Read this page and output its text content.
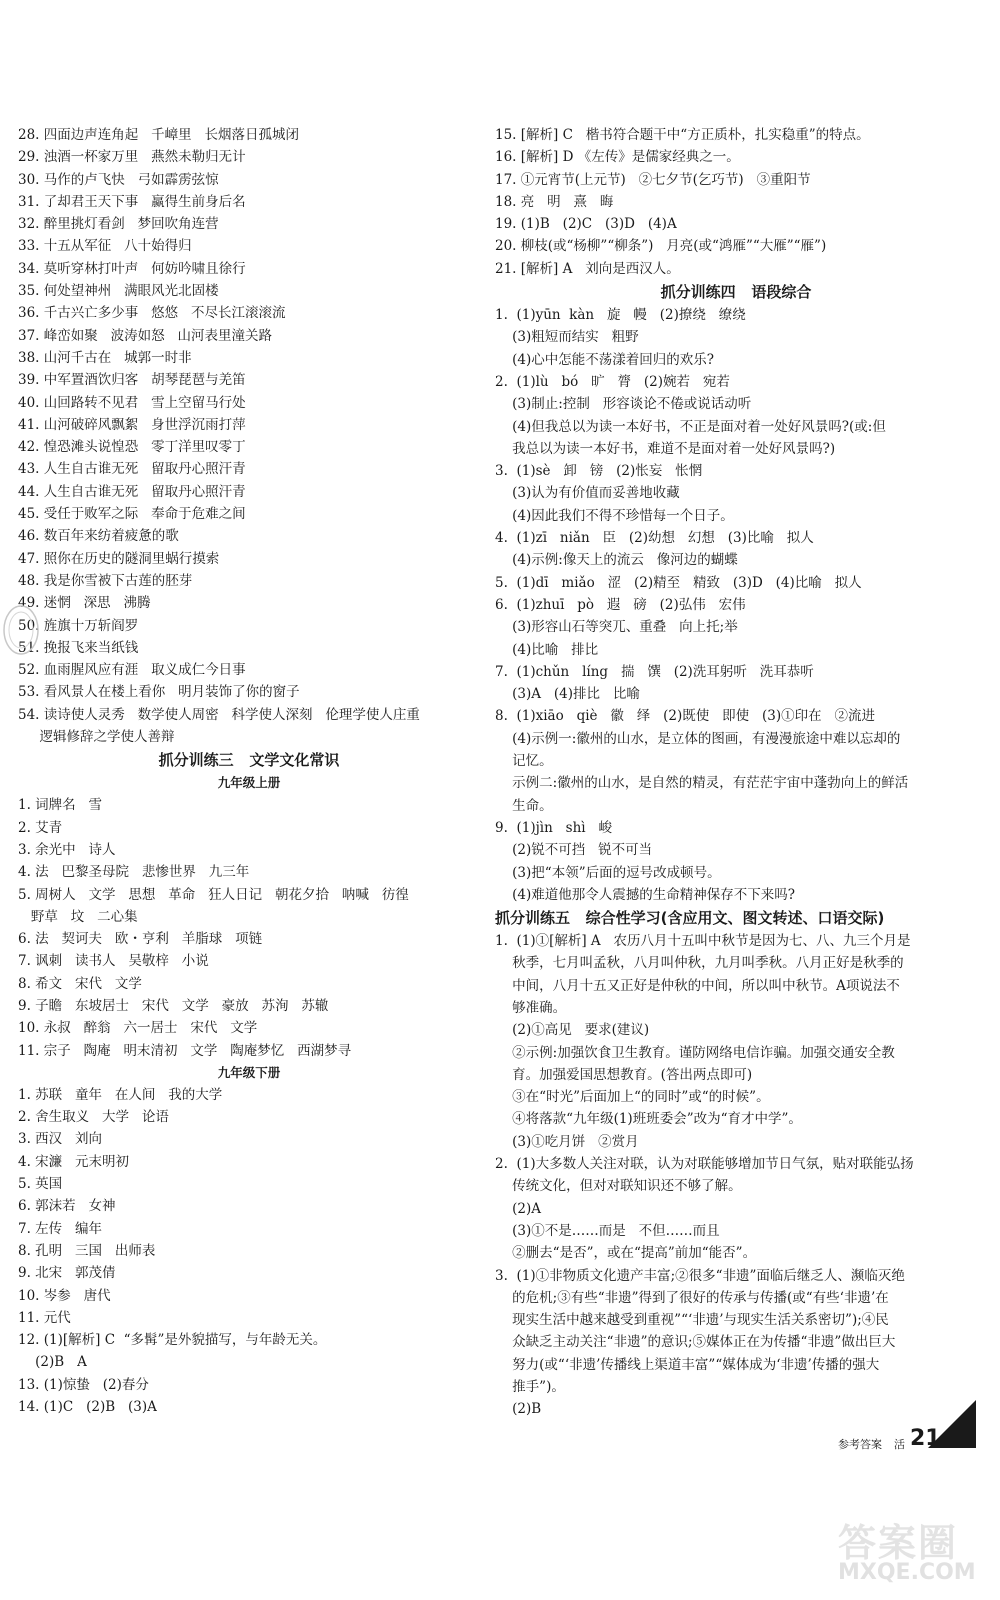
28. 四面边声连角起   千嶂里   长烟落日孤城闭
29. 浊酒一杯家万里   燕然未勒归无计
30. 马作的卢飞快   弓如霹雳弦惊
31. 了却君王天下事   赢得生前身后名
32. 醉里挑灯看剑   梦回吹角连营
33. 十五从军征   八十始得归
34. 莫听穿林打叶声   何妨吟啸且徐行
35. 何处望神州   满眼风光北固楼
36. 千古兴亡多少事   悠悠   不尽长江滚滚流
37. 峰峦如聚   波涛如怒   山河表里潼关路
38. 山河千古在   城郭一时非
39. 中军置酒饮归客   胡琴琵琶与羌笛
40. 山回路转不见君   雪上空留马行处
41. 山河破碎风飘絮   身世浮沉雨打萍
42. 惶恐滩头说惶恐   零丁洋里叹零丁
43. 人生自古谁无死   留取丹心照汗青
44. 人生自古谁无死   留取丹心照汗青
45. 受任于败军之际   奉命于危难之间
46. 数百年来纺着疲惫的歌
47. 照你在历史的隧洞里蜗行摸索
48. 我是你雪被下古莲的胚芽
49. 迷惘   深思   沸腾
50. 旌旗十万斩阎罗
51. 挽报飞来当纸钱
52. 血雨腥风应有涯   取义成仁今日事
53. 看风景人在楼上看你   明月装饰了你的窗子
54. 读诗使人灵秀   数学使人周密   科学使人深刻   伦理学使人庄重
逻辑修辞之学使人善辩
抓分训练三   文学文化常识
九年级上册
1. 词牌名   雪
2. 艾青
3. 余光中   诗人
4. 法   巴黎圣母院   悲惨世界   九三年
5. 周树人   文学   思想   革命   狂人日记   朝花夕拾   呐喊   彷徨
野草   坟   二心集
6. 法   契诃夫   欧・亨利   羊脂球   项链
7. 讽刺   读书人   吴敬梓   小说
8. 希文   宋代   文学
9. 子瞻   东坡居士   宋代   文学   豪放   苏洵   苏辙
10. 永叔   醉翁   六一居士   宋代   文学
11. 宗子   陶庵   明末清初   文学   陶庵梦忆   西湖梦寻
九年级下册
1. 苏联   童年   在人间   我的大学
2. 舍生取义   大学   论语
3. 西汉   刘向
4. 宋濂   元末明初
5. 英国
6. 郭沫若   女神
7. 左传   编年
8. 孔明   三国   出师表
9. 北宋   郭茂倩
10. 岑参   唐代
11. 元代
12. (1)[解析] C  “多髯”是外貌描写，与年龄无关。
(2)B   A
13. (1)惊蛰   (2)春分
14. (1)C   (2)B   (3)A
15. [解析] C   楷书符合题干中“方正质朴，扎实稳重”的特点。
16. [解析] D 《左传》是儒家经典之一。
17. ①元宵节(上元节)   ②七夕节(乞巧节)   ③重阳节
18. 亮   明   熹   晦
19. (1)B   (2)C   (3)D   (4)A
20. 柳枝(或“杨柳”“柳条”)   月亮(或“鸿雁”“大雁”“雁”)
21. [解析] A   刘向是西汉人。
抓分训练四   语段综合
1.  (1)yūn  kàn   旋   幔   (2)撩绕   缭绕
(3)粗短而结实   粗野
(4)心中怎能不荡漾着回归的欢乐?
2.  (1)lù   bó   旷   膂   (2)婉若   宛若
(3)制止:控制   形容谈论不倦或说话动听
(4)但我总以为读一本好书，不正是面对着一处好风景吗?(或:但
我总以为读一本好书，难道不是面对着一处好风景吗?)
3.  (1)sè   卸   镑   (2)怅妄   怅惘
(3)认为有价值而妥善地收藏
(4)因此我们不得不珍惜每一个日子。
4.  (1)zī   niǎn   臣   (2)幼想   幻想   (3)比喻   拟人
(4)示例:像天上的流云   像河边的蝴蝶
5.  (1)dī   miǎo   涩   (2)精至   精致   (3)D   (4)比喻   拟人
6.  (1)zhuī   pò   遐   磅   (2)弘伟   宏伟
(3)形容山石等突兀、重叠   向上托;举
(4)比喻   排比
7.  (1)chǔn   líng   揣   馔   (2)洗耳躬听   洗耳恭听
(3)A   (4)排比   比喻
8.  (1)xiāo   qiè   徽   绎   (2)既使   即使   (3)①印在   ②流进
(4)示例一:徽州的山水，是立体的图画，有漫漫旅途中难以忘却的
记忆。
示例二:徽州的山水，是自然的精灵，有茫茫宇宙中蓬勃向上的鲜活
生命。
9.  (1)jìn   shì   峻
(2)锐不可挡   锐不可当
(3)把“本领”后面的逗号改成顿号。
(4)难道他那令人震撼的生命精神保存不下来吗?
抓分训练五   综合性学习(含应用文、图文转述、口语交际)
1.  (1)①[解析] A   农历八月十五叫中秋节是因为七、八、九三个月是
秋季，七月叫孟秋，八月叫仲秋，九月叫季秋。八月正好是秋季的
中间，八月十五又正好是仲秋的中间，所以叫中秋节。A项说法不
够准确。
(2)①高见   要求(建议)
②示例:加强饮食卫生教育。谨防网络电信诈骗。加强交通安全教
育。加强爱国思想教育。(答出两点即可)
③在“时光”后面加上“的同时”或“的时候”。
④将落款“九年级(1)班班委会”改为“育才中学”。
(3)①吃月饼   ②赏月
2.  (1)大多数人关注对联，认为对联能够增加节日气氛，贴对联能弘扬
传统文化，但对对联知识还不够了解。
(2)A
(3)①不是……而是   不但……而且
②删去“是否”，或在“提高”前加“能否”。
3.  (1)①非物质文化遗产丰富;②很多“非遗”面临后继乏人、濒临灭绝
的危机;③有些“非遗”得到了很好的传承与传播(或“有些‘非遗’在
现实生活中越来越受到重视”“‘非遗’与现实生活关系密切”);④民
众缺乏主动关注“非遗”的意识;⑤媒体正在为传播“非遗”做出巨大
努力(或“‘非遗’传播线上渠道丰富”“媒体成为‘非遗’传播的强大
推手”)。
(2)B
参考答案 活 21
答案圈
MXQE.COM
